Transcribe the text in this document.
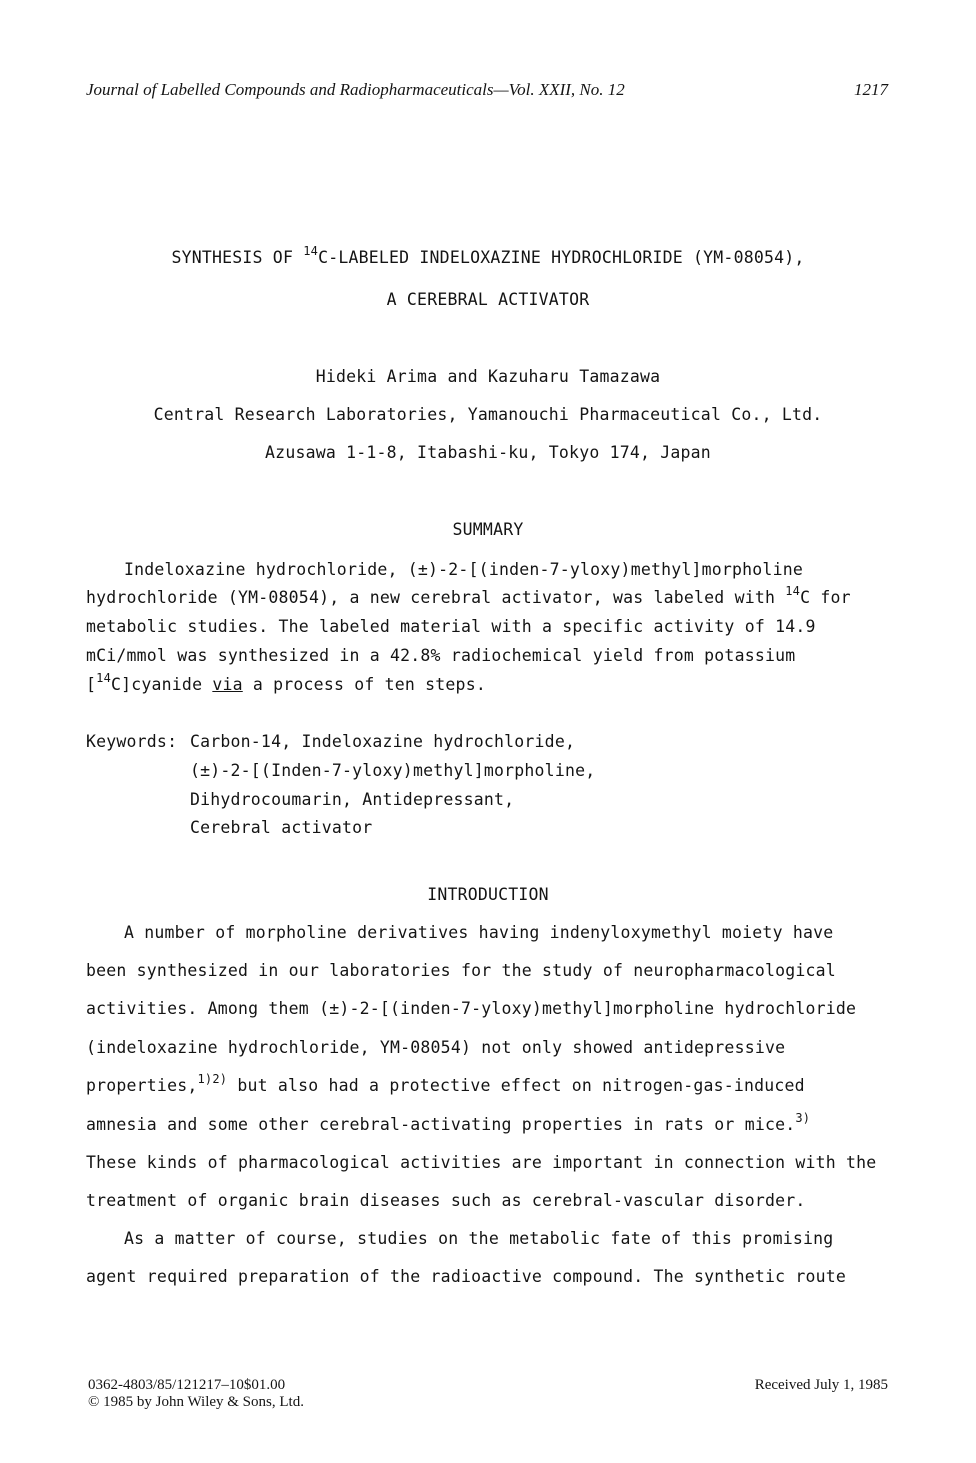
Journal of Labelled Compounds and Radiopharmaceuticals—Vol. XXII, No. 12	1217

SYNTHESIS OF $^{14}$C-LABELED INDELOXAZINE HYDROCHLORIDE (YM-08054),

A CEREBRAL ACTIVATOR

Hideki Arima and Kazuharu Tamazawa

Central Research Laboratories, Yamanouchi Pharmaceutical Co., Ltd.

Azusawa 1-1-8, Itabashi-ku, Tokyo 174, Japan

SUMMARY

Indeloxazine hydrochloride, (±)-2-[(inden-7-yloxy)methyl]morpholine

hydrochloride (YM-08054), a new cerebral activator, was labeled with $^{14}$C for

metabolic studies. The labeled material with a specific activity of 14.9

mCi/mmol was synthesized in a 42.8% radiochemical yield from potassium

[$^{14}$C]cyanide via a process of ten steps.

Keywords: Carbon-14, Indeloxazine hydrochloride,

(±)-2-[(Inden-7-yloxy)methyl]morpholine,

Dihydrocoumarin, Antidepressant,

Cerebral activator

INTRODUCTION

A number of morpholine derivatives having indenyloxymethyl moiety have

been synthesized in our laboratories for the study of neuropharmacological

activities. Among them (±)-2-[(inden-7-yloxy)methyl]morpholine hydrochloride

(indeloxazine hydrochloride, YM-08054) not only showed antidepressive

properties,$^{1)2)}$ but also had a protective effect on nitrogen-gas-induced

amnesia and some other cerebral-activating properties in rats or mice.$^{3)}$

These kinds of pharmacological activities are important in connection with the

treatment of organic brain diseases such as cerebral-vascular disorder.

As a matter of course, studies on the metabolic fate of this promising

agent required preparation of the radioactive compound. The synthetic route

0362-4803/85/121217–10$01.00

© 1985 by John Wiley & Sons, Ltd.

Received July 1, 1985
